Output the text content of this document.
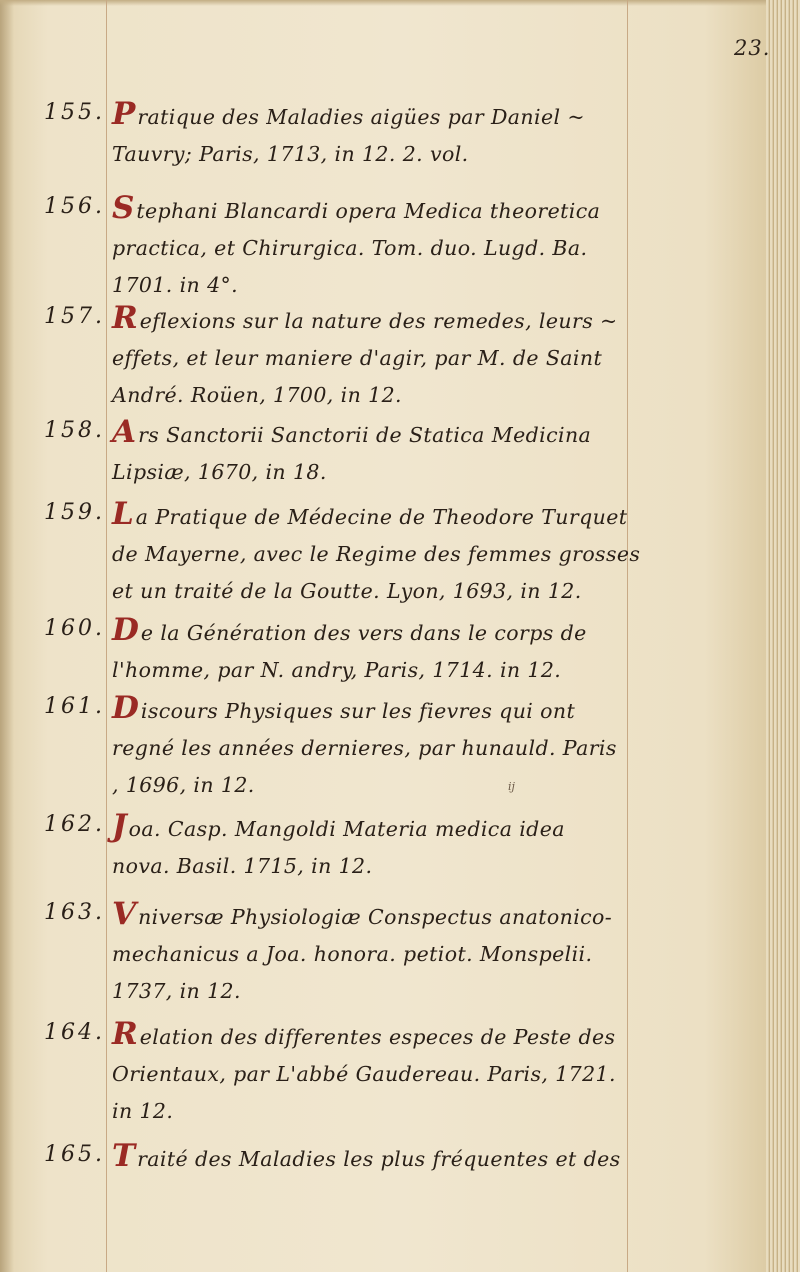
23.
ij
155. Pratique des Maladies aigües par Daniel ~
Tauvry; Paris, 1713, in 12. 2. vol.
156. Stephani Blancardi opera Medica theoretica
practica, et Chirurgica. Tom. duo. Lugd. Ba.
1701. in 4°.
157. Reflexions sur la nature des remedes, leurs ~
effets, et leur maniere d'agir, par M. de Saint
André. Roüen, 1700, in 12.
158. Ars Sanctorii Sanctorii de Statica Medicina
Lipsiæ, 1670, in 18.
159. La Pratique de Médecine de Theodore Turquet
de Mayerne, avec le Regime des femmes grosses
et un traité de la Goutte. Lyon, 1693, in 12.
160. De la Génération des vers dans le corps de
l'homme, par N. andry, Paris, 1714. in 12.
161. Discours Physiques sur les fievres qui ont
regné les années dernieres, par hunauld. Paris
, 1696, in 12.
162. Joa. Casp. Mangoldi Materia medica idea
nova. Basil. 1715, in 12.
163. Vniversæ Physiologiæ Conspectus anatonico-
mechanicus a Joa. honora. petiot. Monspelii.
1737, in 12.
164. Relation des differentes especes de Peste des
Orientaux, par L'abbé Gaudereau. Paris, 1721.
in 12.
165. Traité des Maladies les plus fréquentes et des
